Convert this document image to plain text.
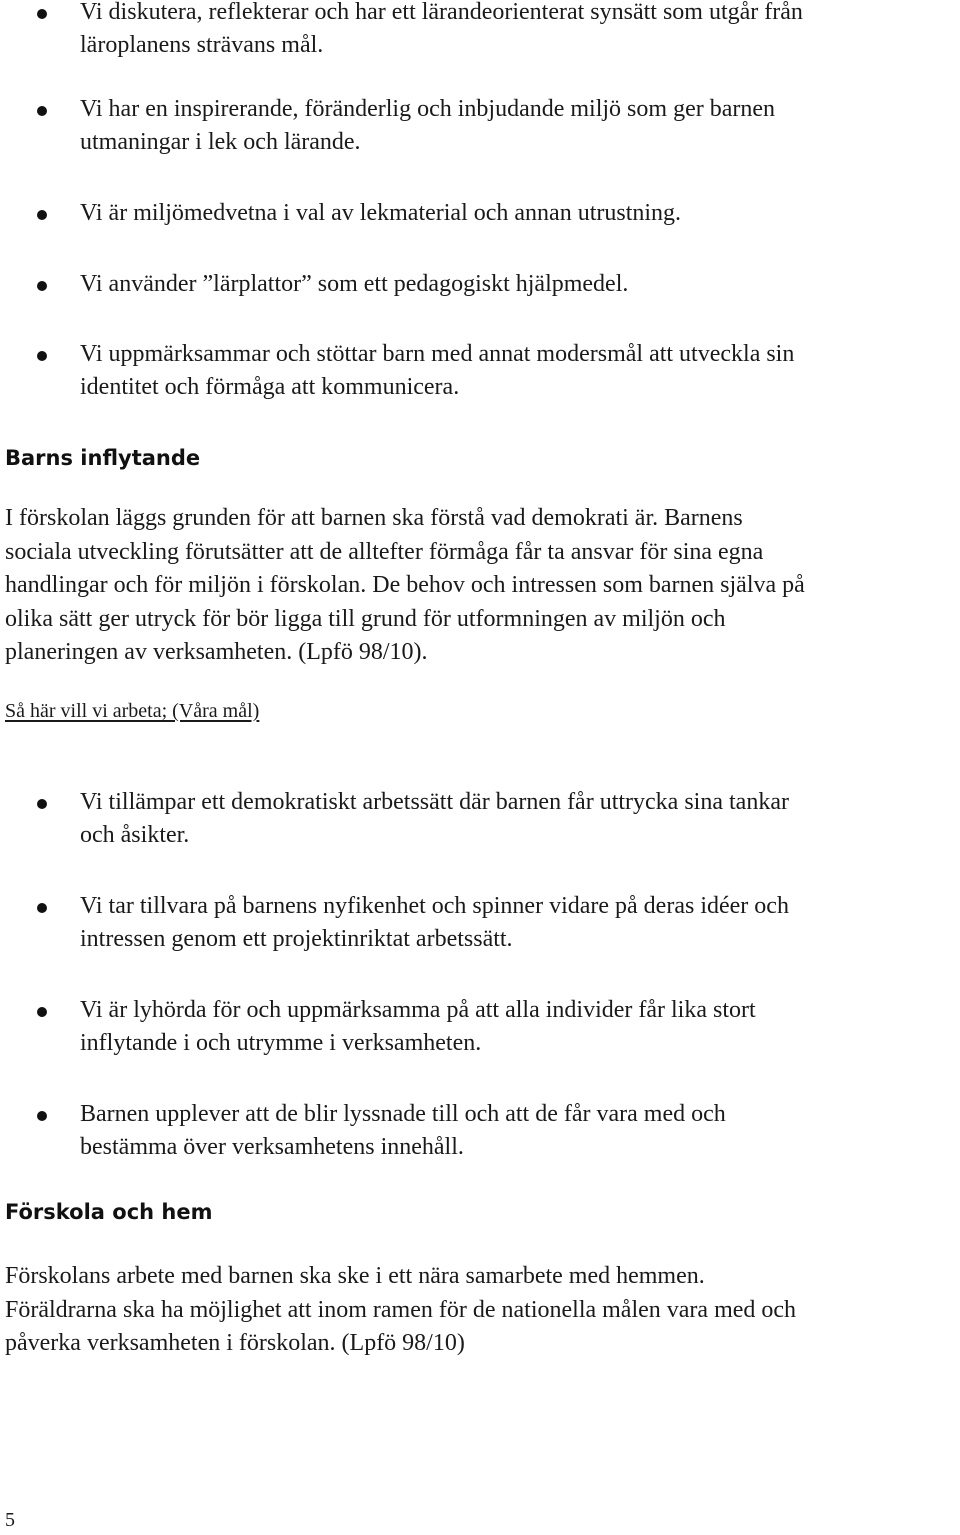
Vi diskutera, reflekterar och har ett lärandeorienterat synsätt som utgår från
läroplanens strävans mål.

Vi har en inspirerande, föränderlig och inbjudande miljö som ger barnen
utmaningar i lek och lärande.

Vi är miljömedvetna i val av lekmaterial och annan utrustning.

Vi använder ”lärplattor” som ett pedagogiskt hjälpmedel.

Vi uppmärksammar och stöttar barn med annat modersmål att utveckla sin
identitet och förmåga att kommunicera.

Barns inflytande

I förskolan läggs grunden för att barnen ska förstå vad demokrati är. Barnens
sociala utveckling förutsätter att de alltefter förmåga får ta ansvar för sina egna
handlingar och för miljön i förskolan. De behov och intressen som barnen själva på
olika sätt ger utryck för bör ligga till grund för utformningen av miljön och
planeringen av verksamheten. (Lpfö 98/10).

Så här vill vi arbeta; (Våra mål)

Vi tillämpar ett demokratiskt arbetssätt där barnen får uttrycka sina tankar
och åsikter.

Vi tar tillvara på barnens nyfikenhet och spinner vidare på deras idéer och
intressen genom ett projektinriktat arbetssätt.

Vi är lyhörda för och uppmärksamma på att alla individer får lika stort
inflytande i och utrymme i verksamheten.

Barnen upplever att de blir lyssnade till och att de får vara med och
bestämma över verksamhetens innehåll.

Förskola och hem

Förskolans arbete med barnen ska ske i ett nära samarbete med hemmen.
Föräldrarna ska ha möjlighet att inom ramen för de nationella målen vara med och
påverka verksamheten i förskolan. (Lpfö 98/10)

5
